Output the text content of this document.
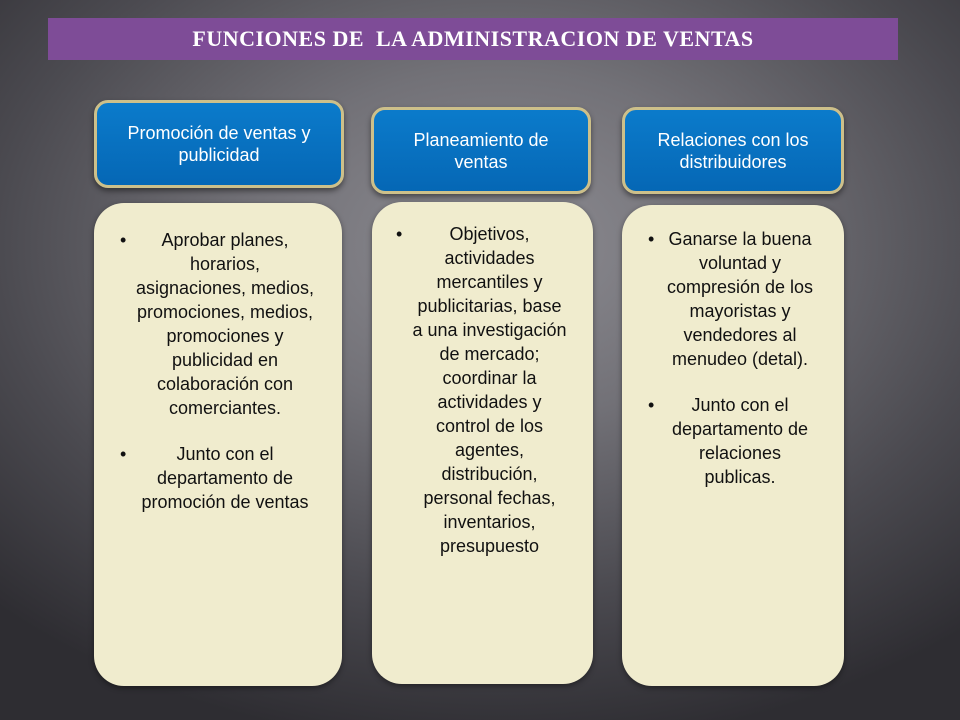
FUNCIONES DE  LA ADMINISTRACION DE VENTAS
Promoción de ventas y publicidad
• Aprobar planes, horarios, asignaciones, medios, promociones, medios, promociones y publicidad en colaboración con comerciantes.
• Junto con el departamento de promoción de ventas
Planeamiento de ventas
• Objetivos, actividades mercantiles y publicitarias, base a una investigación de mercado; coordinar la actividades y control de los agentes, distribución, personal fechas, inventarios, presupuesto
Relaciones con los distribuidores
• Ganarse la buena voluntad y compresión de los mayoristas y vendedores al menudeo (detal).
• Junto con el departamento de relaciones publicas.
